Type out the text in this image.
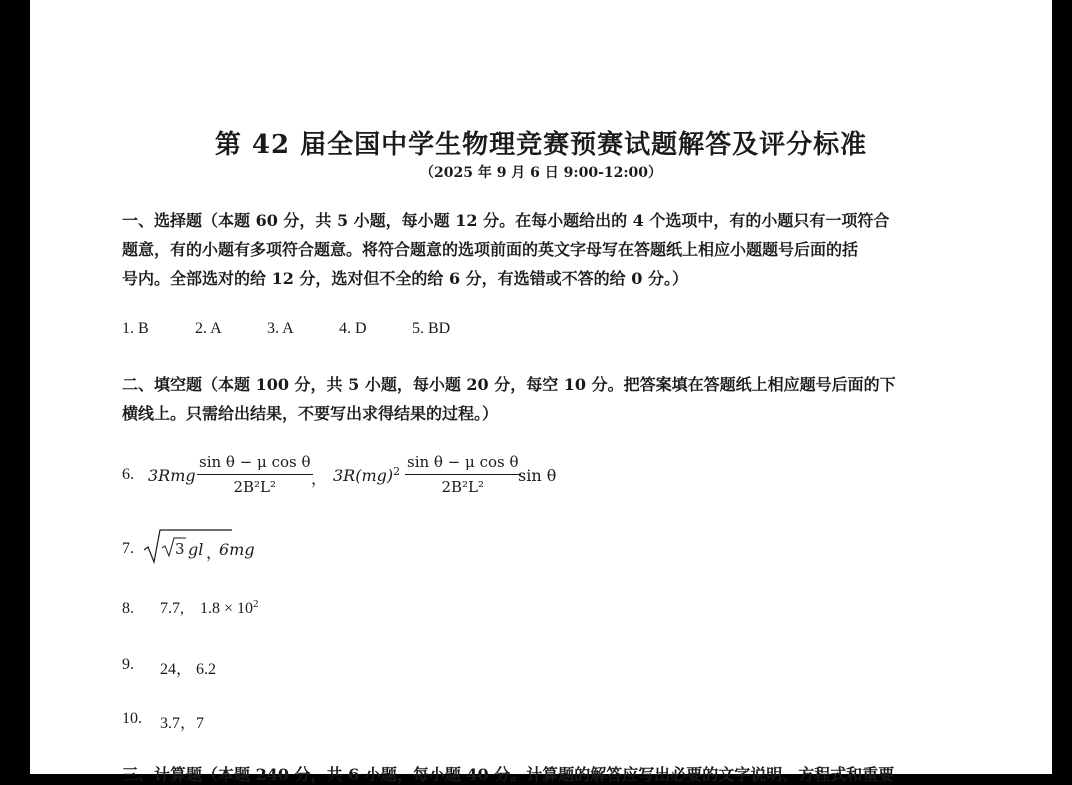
第 42 届全国中学生物理竞赛预赛试题解答及评分标准
（2025 年 9 月 6 日 9:00-12:00）
一、选择题（本题 60 分，共 5 小题，每小题 12 分。在每小题给出的 4 个选项中，有的小题只有一项符合
题意，有的小题有多项符合题意。将符合题意的选项前面的英文字母写在答题纸上相应小题题号后面的括
号内。全部选对的给 12 分，选对但不全的给 6 分，有选错或不答的给 0 分。）
1. B	2. A	3. A	4. D	5. BD
二、填空题（本题 100 分，共 5 小题，每小题 20 分，每空 10 分。把答案填在答题纸上相应题号后面的下
横线上。只需给出结果，不要写出求得结果的过程。）
6. $3Rmg \frac{\text{sin θ − μ cos θ}}{\text{2B²L²}}$
， $3R(mg)^2 \frac{\text{sin θ − μ cos θ}}{\text{2B²L²}}$
sin θ
7.	3 gl ，
6mg
8. 7.7, $1.8 \times 10^2$
9. 24， 6.2
10. 3.7，7
三、计算题（本题 240 分，共 6 小题，每小题 40 分。计算题的解答应写出必要的文字说明、方程式和重要
